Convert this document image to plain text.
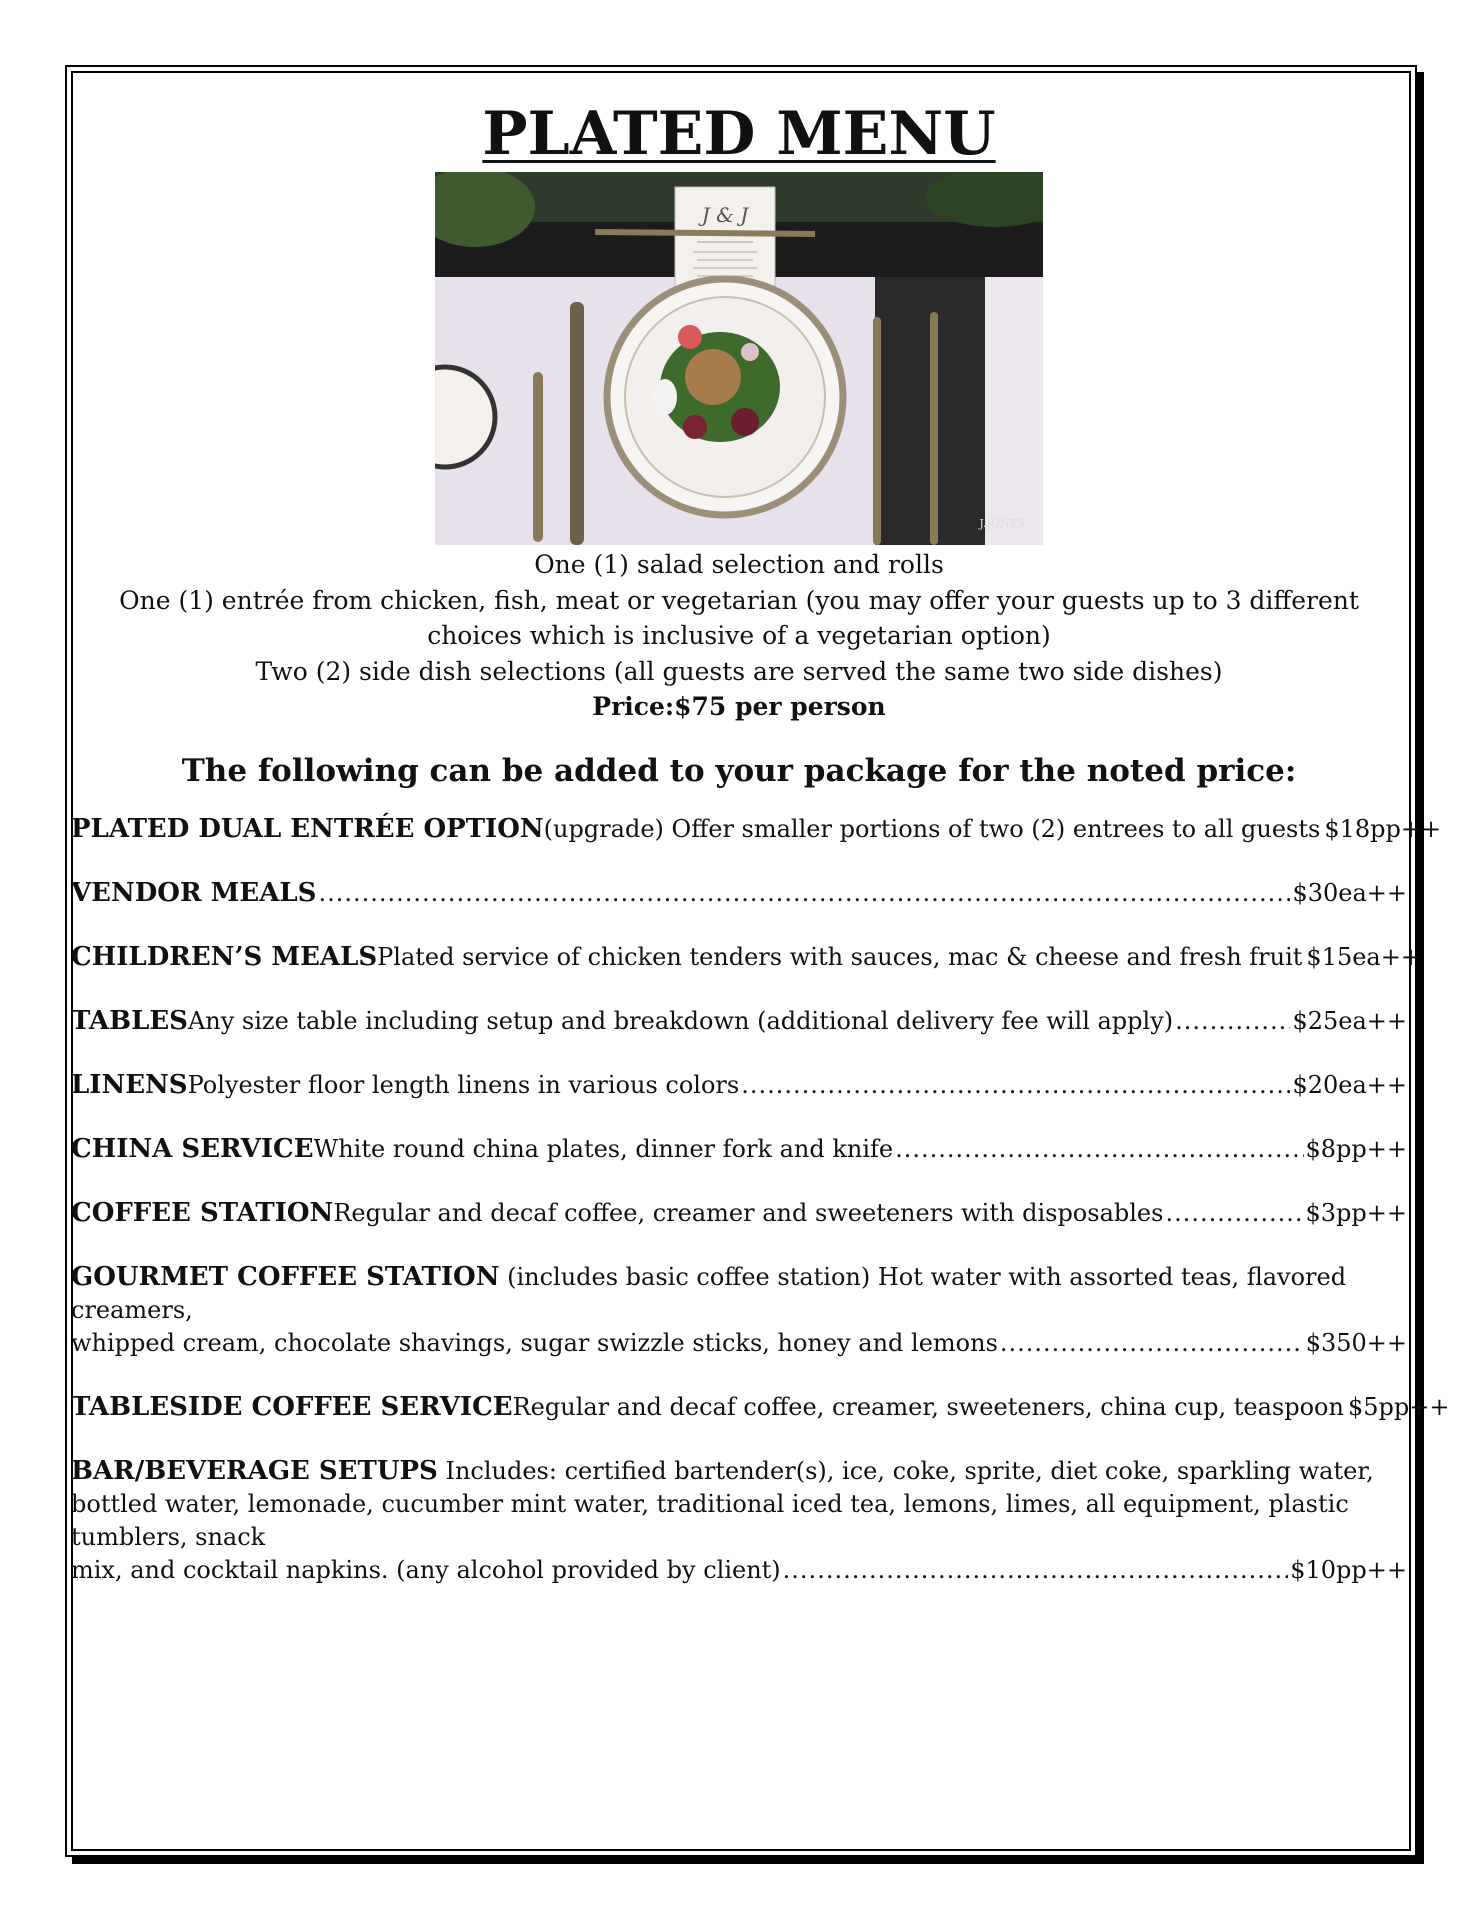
PLATED MENU
J & J
J.JONES
One (1) salad selection and rolls
One (1) entrée from chicken, fish, meat or vegetarian (you may offer your guests up to 3 different choices which is inclusive of a vegetarian option)
Two (2) side dish selections (all guests are served the same two side dishes)
Price:$75 per person
The following can be added to your package for the noted price:
PLATED DUAL ENTRÉE OPTION (upgrade) Offer smaller portions of two (2) entrees to all guests $18pp++
VENDOR MEALS .....	$30ea++
CHILDREN’S MEALS Plated service of chicken tenders with sauces, mac & cheese and fresh fruit $15ea++
TABLES Any size table including setup and breakdown (additional delivery fee will apply) .....	$25ea++
LINENS Polyester floor length linens in various colors .....	$20ea++
CHINA SERVICE White round china plates, dinner fork and knife .....	$8pp++
COFFEE STATION Regular and decaf coffee, creamer and sweeteners with disposables .....	$3pp++
GOURMET COFFEE STATION (includes basic coffee station) Hot water with assorted teas, flavored creamers,
whipped cream, chocolate shavings, sugar swizzle sticks, honey and lemons .....	$350++
TABLESIDE COFFEE SERVICE Regular and decaf coffee, creamer, sweeteners, china cup, teaspoon $5pp++
BAR/BEVERAGE SETUPS Includes: certified bartender(s), ice, coke, sprite, diet coke, sparkling water, bottled water, lemonade, cucumber mint water, traditional iced tea, lemons, limes, all equipment, plastic tumblers, snack
mix, and cocktail napkins. (any alcohol provided by client) .....	$10pp++
